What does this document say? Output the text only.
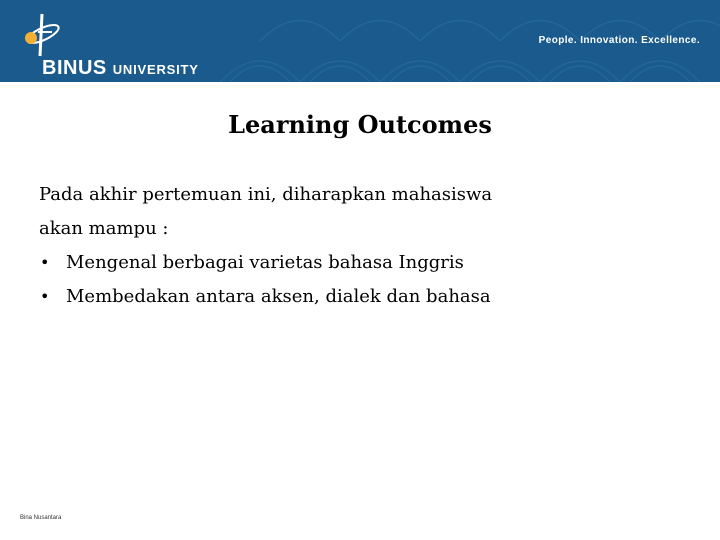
BINUS UNIVERSITY
People. Innovation. Excellence.
Learning Outcomes

Pada akhir pertemuan ini, diharapkan mahasiswa

akan mampu :

• Mengenal berbagai varietas bahasa Inggris
• Membedakan antara aksen, dialek dan bahasa
Bina Nusantara
